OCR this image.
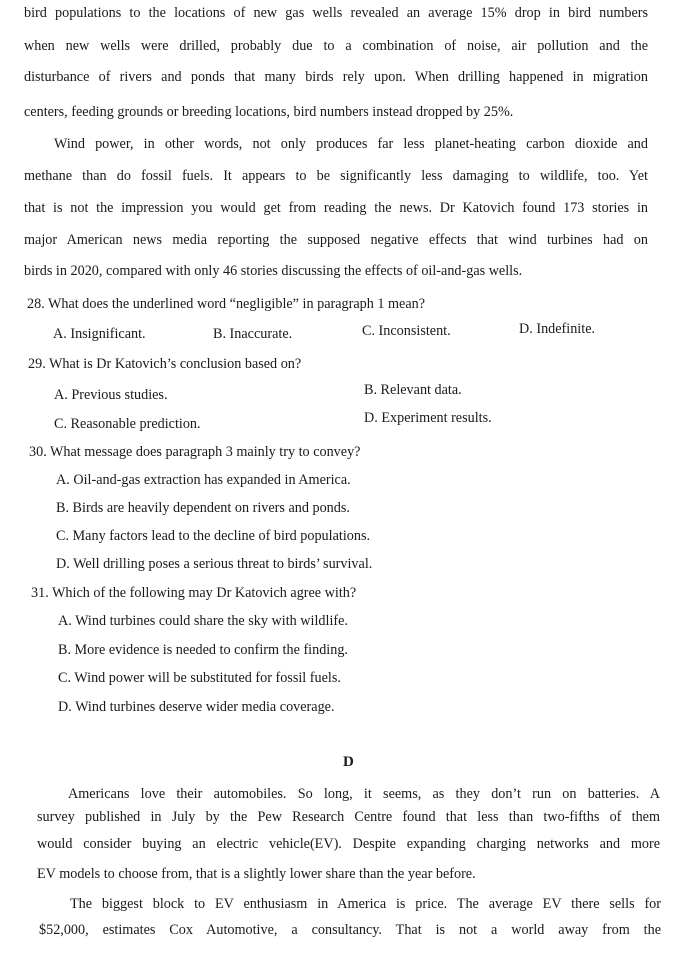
bird populations to the locations of new gas wells revealed an average 15% drop in bird numbers
when new wells were drilled, probably due to a combination of noise, air pollution and the
disturbance of rivers and ponds that many birds rely upon. When drilling happened in migration
centers, feeding grounds or breeding locations, bird numbers instead dropped by 25%.
Wind power, in other words, not only produces far less planet-heating carbon dioxide and
methane than do fossil fuels. It appears to be significantly less damaging to wildlife, too. Yet
that is not the impression you would get from reading the news. Dr Katovich found 173 stories in
major American news media reporting the supposed negative effects that wind turbines had on
birds in 2020, compared with only 46 stories discussing the effects of oil-and-gas wells.
28. What does the underlined word “negligible” in paragraph 1 mean?
A. Insignificant.	B. Inaccurate.	C. Inconsistent.	D. Indefinite.
29. What is Dr Katovich’s conclusion based on?
A. Previous studies.	B. Relevant data.
C. Reasonable prediction.	D. Experiment results.
30. What message does paragraph 3 mainly try to convey?
A. Oil-and-gas extraction has expanded in America.
B. Birds are heavily dependent on rivers and ponds.
C. Many factors lead to the decline of bird populations.
D. Well drilling poses a serious threat to birds’ survival.
31. Which of the following may Dr Katovich agree with?
A. Wind turbines could share the sky with wildlife.
B. More evidence is needed to confirm the finding.
C. Wind power will be substituted for fossil fuels.
D. Wind turbines deserve wider media coverage.
D
Americans love their automobiles. So long, it seems, as they don’t run on batteries. A
survey published in July by the Pew Research Centre found that less than two-fifths of them
would consider buying an electric vehicle(EV). Despite expanding charging networks and more
EV models to choose from, that is a slightly lower share than the year before.
The biggest block to EV enthusiasm in America is price. The average EV there sells for
$52,000, estimates Cox Automotive, a consultancy. That is not a world away from the
